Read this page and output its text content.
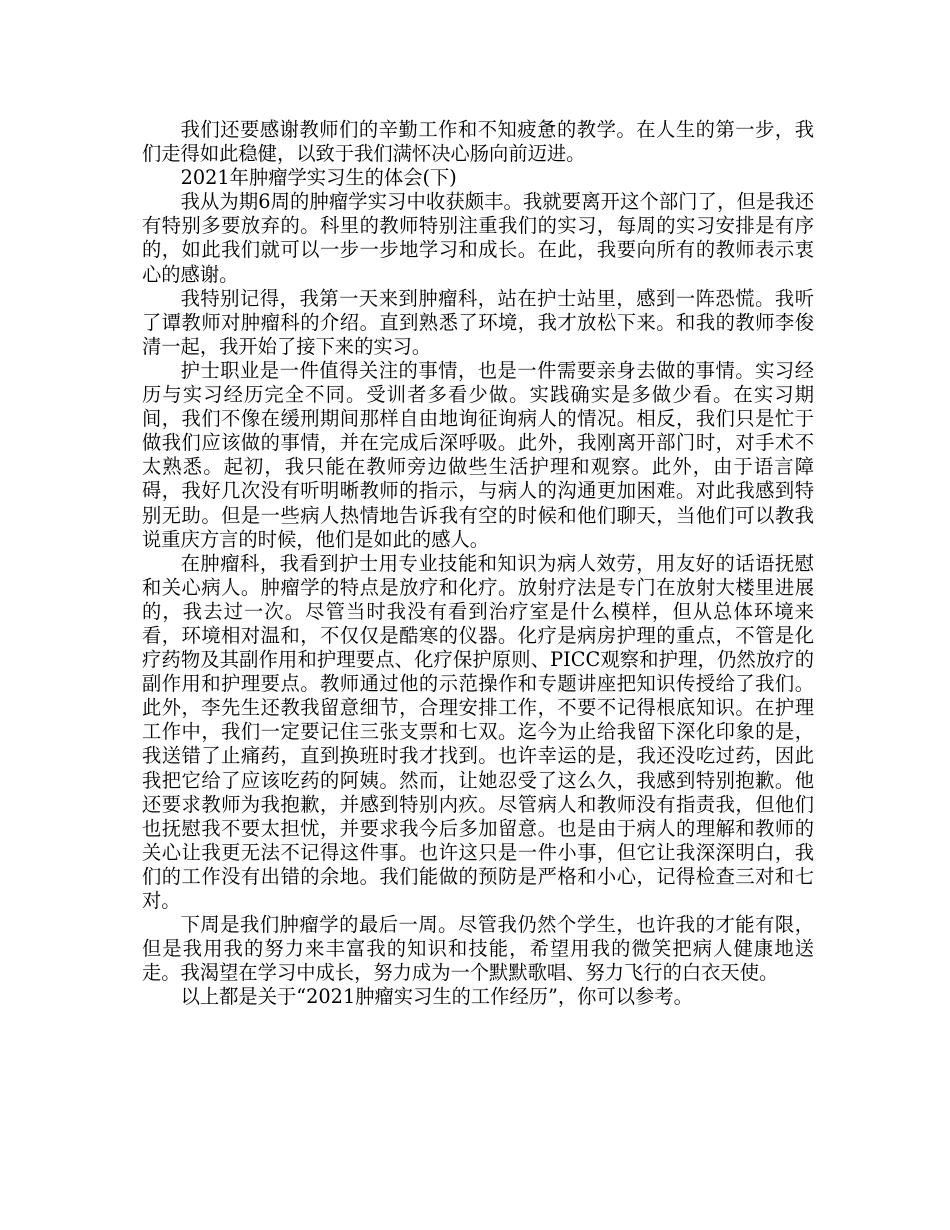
我们还要感谢教师们的辛勤工作和不知疲惫的教学。在人生的第一步，我们走得如此稳健，以致于我们满怀决心肠向前迈进。

2021年肿瘤学实习生的体会(下)

我从为期6周的肿瘤学实习中收获颇丰。我就要离开这个部门了，但是我还有特别多要放弃的。科里的教师特别注重我们的实习，每周的实习安排是有序的，如此我们就可以一步一步地学习和成长。在此，我要向所有的教师表示衷心的感谢。

我特别记得，我第一天来到肿瘤科，站在护士站里，感到一阵恐慌。我听了谭教师对肿瘤科的介绍。直到熟悉了环境，我才放松下来。和我的教师李俊清一起，我开始了接下来的实习。

护士职业是一件值得关注的事情，也是一件需要亲身去做的事情。实习经历与实习经历完全不同。受训者多看少做。实践确实是多做少看。在实习期间，我们不像在缓刑期间那样自由地询征询病人的情况。相反，我们只是忙于做我们应该做的事情，并在完成后深呼吸。此外，我刚离开部门时，对手术不太熟悉。起初，我只能在教师旁边做些生活护理和观察。此外，由于语言障碍，我好几次没有听明晰教师的指示，与病人的沟通更加困难。对此我感到特别无助。但是一些病人热情地告诉我有空的时候和他们聊天，当他们可以教我说重庆方言的时候，他们是如此的感人。

在肿瘤科，我看到护士用专业技能和知识为病人效劳，用友好的话语抚慰和关心病人。肿瘤学的特点是放疗和化疗。放射疗法是专门在放射大楼里进展的，我去过一次。尽管当时我没有看到治疗室是什么模样，但从总体环境来看，环境相对温和，不仅仅是酷寒的仪器。化疗是病房护理的重点，不管是化疗药物及其副作用和护理要点、化疗保护原则、PICC观察和护理，仍然放疗的副作用和护理要点。教师通过他的示范操作和专题讲座把知识传授给了我们。此外，李先生还教我留意细节，合理安排工作，不要不记得根底知识。在护理工作中，我们一定要记住三张支票和七双。迄今为止给我留下深化印象的是，我送错了止痛药，直到换班时我才找到。也许幸运的是，我还没吃过药，因此我把它给了应该吃药的阿姨。然而，让她忍受了这么久，我感到特别抱歉。他还要求教师为我抱歉，并感到特别内疚。尽管病人和教师没有指责我，但他们也抚慰我不要太担忧，并要求我今后多加留意。也是由于病人的理解和教师的关心让我更无法不记得这件事。也许这只是一件小事，但它让我深深明白，我们的工作没有出错的余地。我们能做的预防是严格和小心，记得检查三对和七对。

下周是我们肿瘤学的最后一周。尽管我仍然个学生，也许我的才能有限，但是我用我的努力来丰富我的知识和技能，希望用我的微笑把病人健康地送走。我渴望在学习中成长，努力成为一个默默歌唱、努力飞行的白衣天使。

以上都是关于“2021肿瘤实习生的工作经历”，你可以参考。
